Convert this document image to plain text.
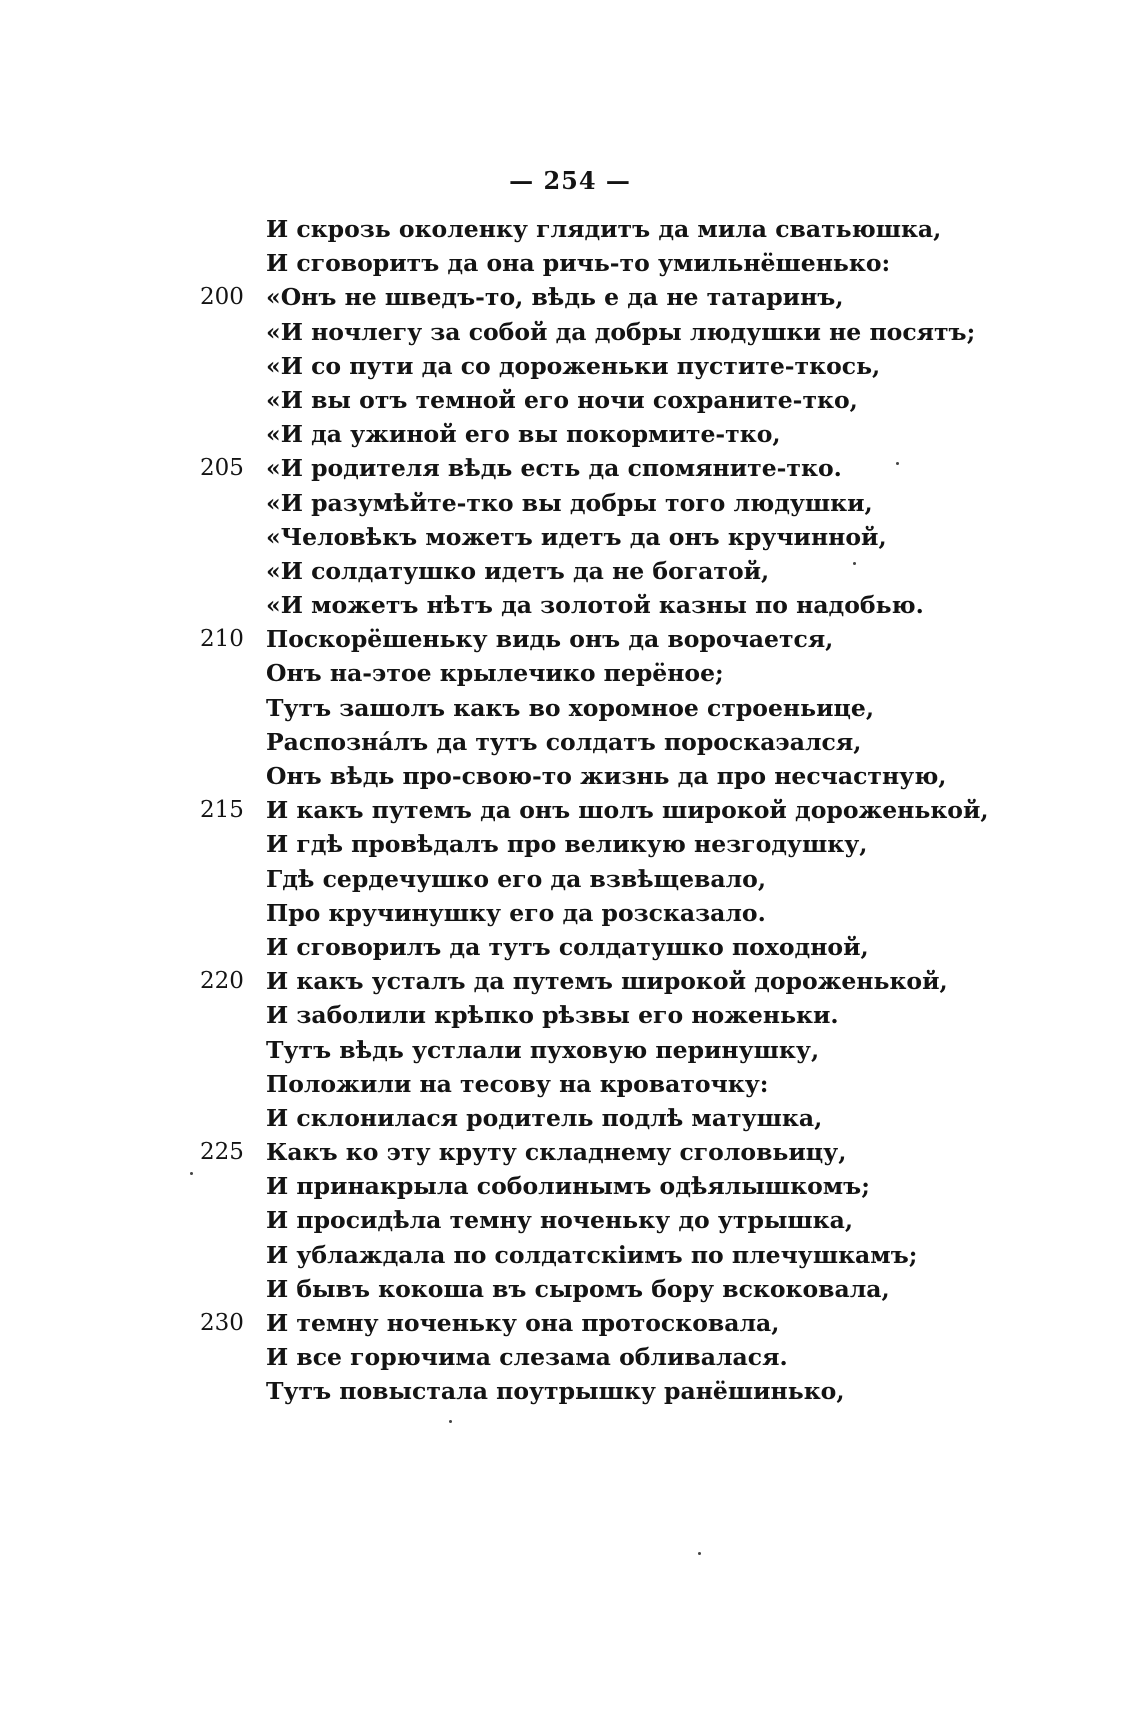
— 254 —
И скрозь околенку глядитъ да мила сватьюшка,
И сговоритъ да она ричь-то умильнёшенько:
200 «Онъ не шведъ-то, вѣдь е да не татаринъ,
«И ночлегу за собой да добры людушки не посятъ;
«И со пути да со дороженьки пустите-ткось,
«И вы отъ темной его ночи сохраните-тко,
«И да ужиной его вы покормите-тко,
205 «И родителя вѣдь есть да спомяните-тко.
«И разумѣйте-тко вы добры того людушки,
«Человѣкъ можетъ идетъ да онъ кручинной,
«И солдатушко идетъ да не богатой,
«И можетъ нѣтъ да золотой казны по надобью.
210 Поскорёшеньку видь онъ да ворочается,
Онъ на-этое крылечико перёное;
Тутъ зашолъ какъ во хоромное строеньице,
Распознáлъ да тутъ солдатъ пороскаэался,
Онъ вѣдь про-свою-то жизнь да про несчастную,
215 И какъ путемъ да онъ шолъ широкой дороженькой,
И гдѣ провѣдалъ про великую незгодушку,
Гдѣ сердечушко его да взвѣщевало,
Про кручинушку его да розсказало.
И сговорилъ да тутъ солдатушко походной,
220 И какъ усталъ да путемъ широкой дороженькой,
И заболили крѣпко рѣзвы его ноженьки.
Тутъ вѣдь устлали пуховую перинушку,
Положили на тесову на кроваточку:
И склонилася родитель подлѣ матушка,
225 Какъ ко эту круту складнему сголовьицу,
И принакрыла соболинымъ одѣялышкомъ;
И просидѣла темну ноченьку до утрышка,
И ублаждала по солдатскіимъ по плечушкамъ;
И бывъ кокоша въ сыромъ бору вскоковала,
230 И темну ноченьку она протосковала,
И все горючима слезама обливалася.
Тутъ повыстала поутрышку ранёшинько,
